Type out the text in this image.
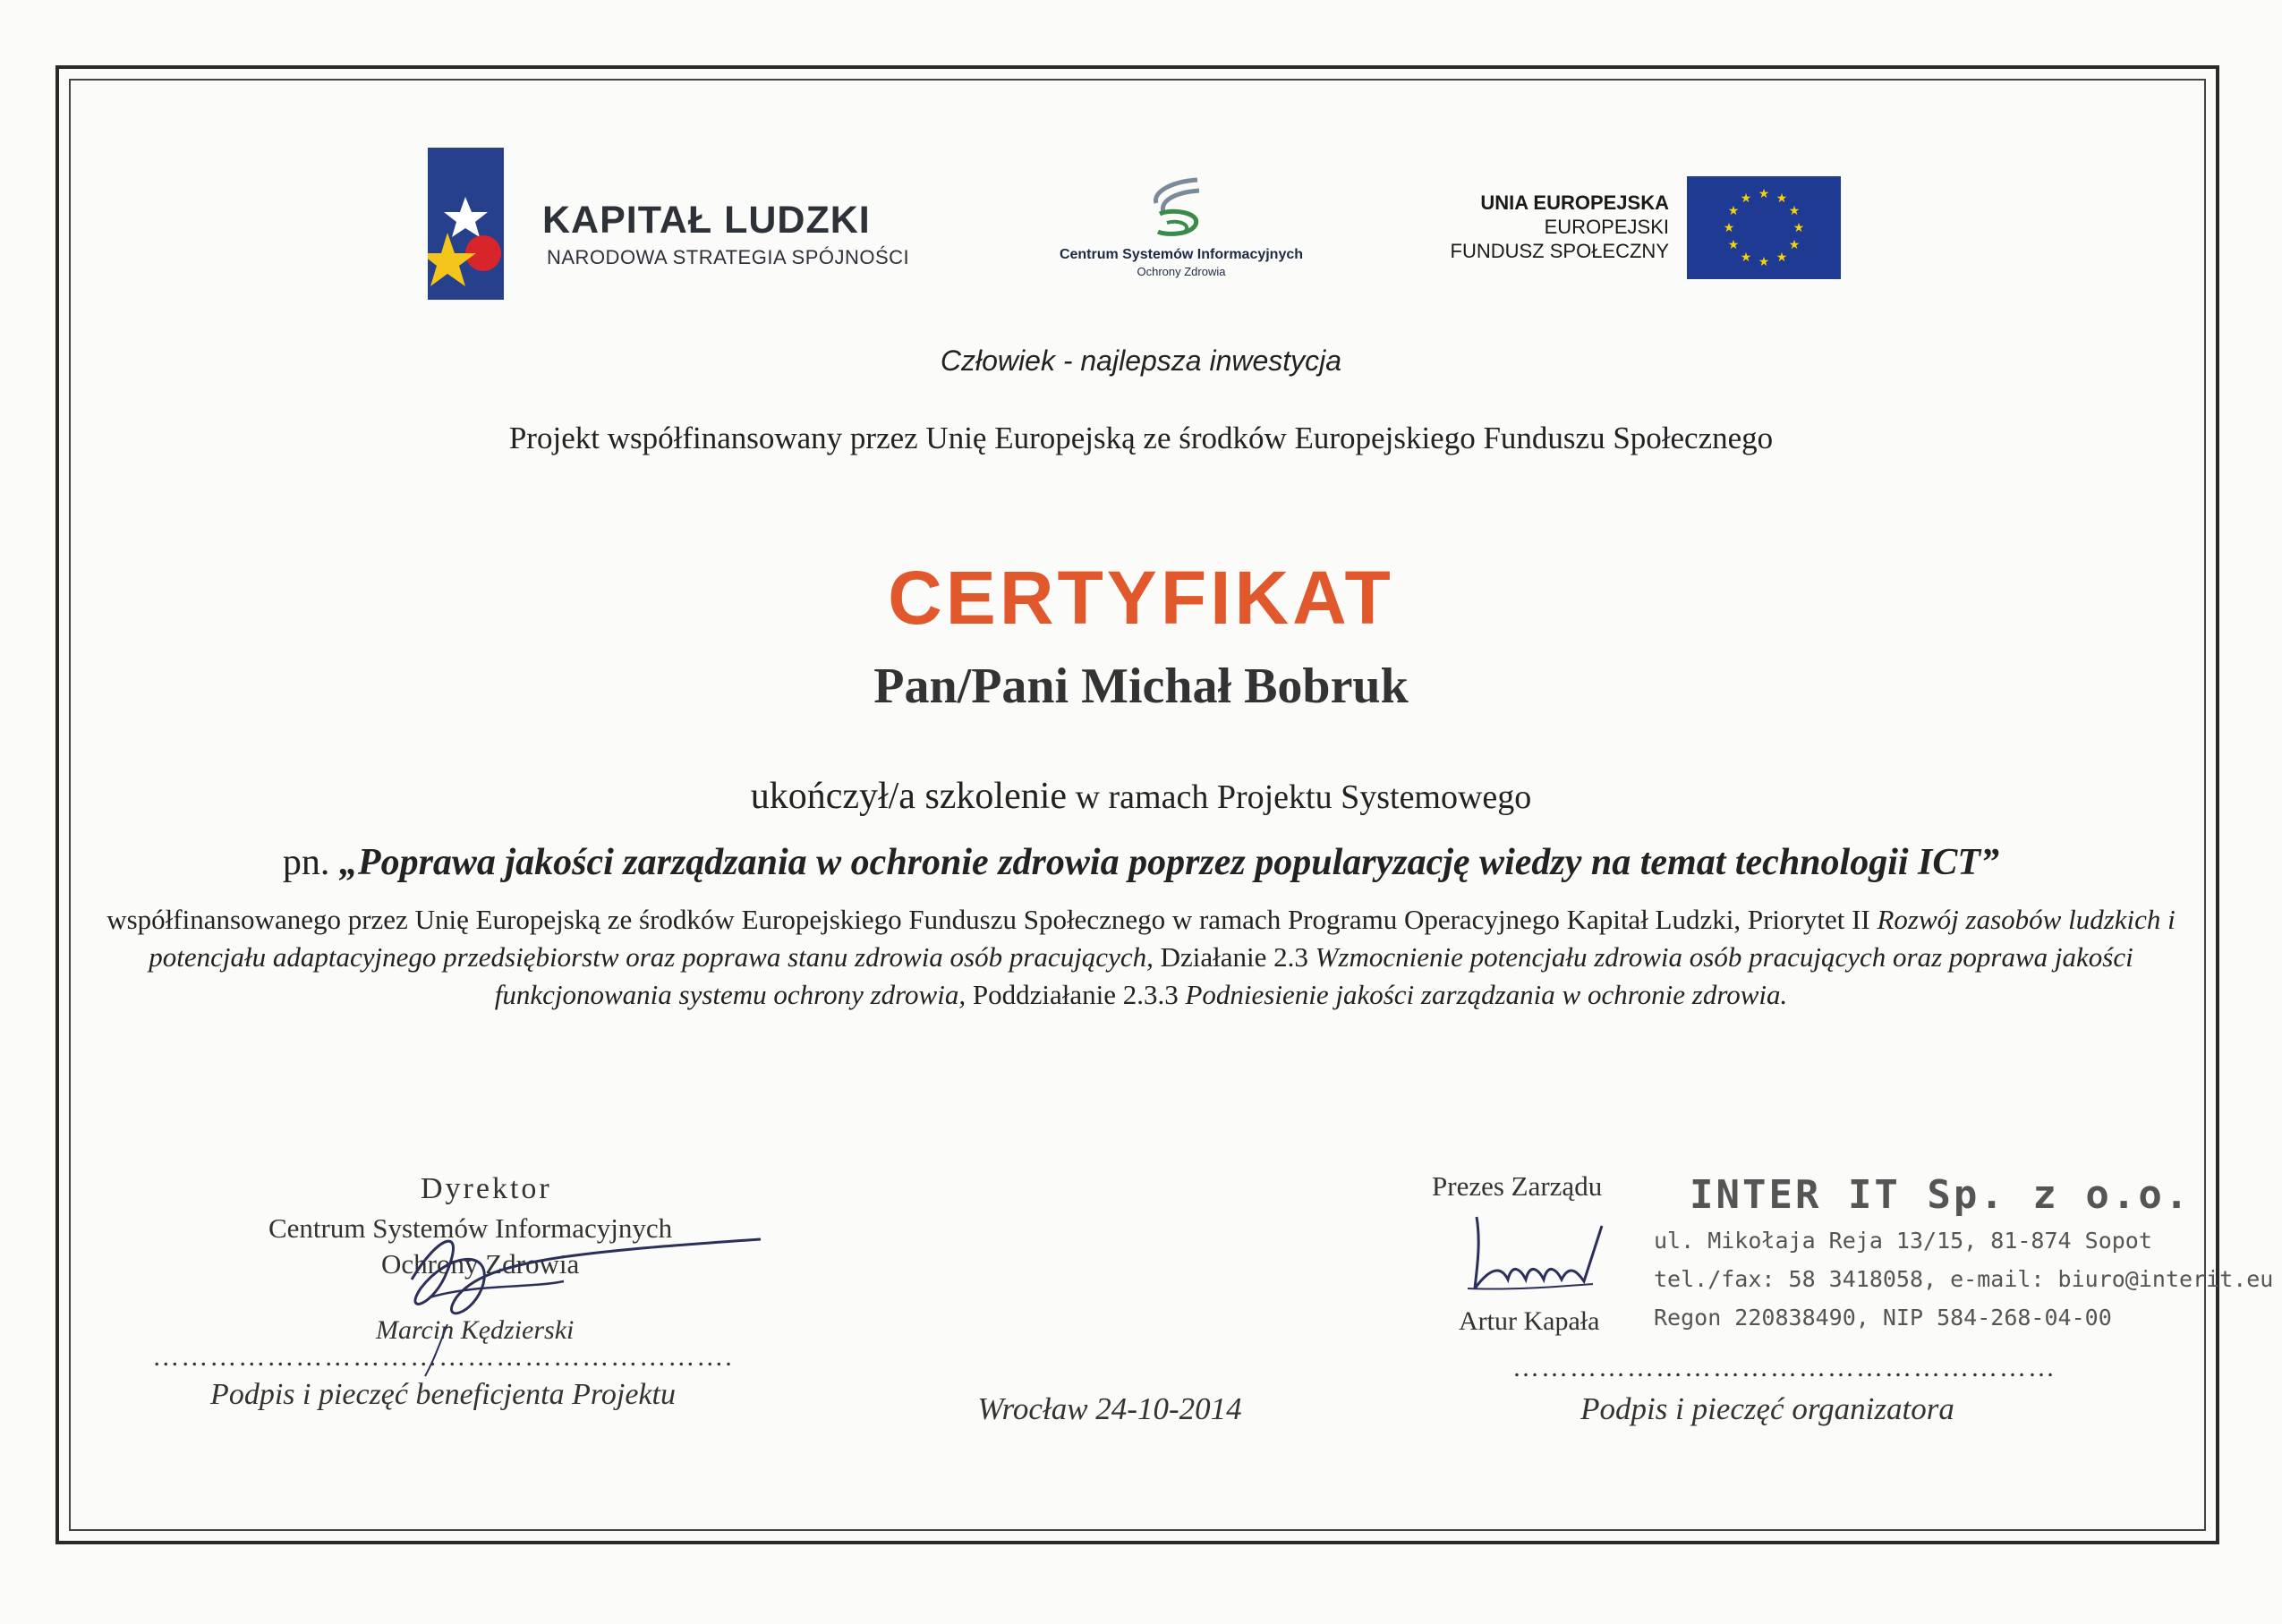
KAPITAŁ LUDZKI
NARODOWA STRATEGIA SPÓJNOŚCI	Centrum Systemów Informacyjnych
Ochrony Zdrowia
UNIA EUROPEJSKA
EUROPEJSKI
FUNDUSZ SPOŁECZNY
★ ★
★
★
★
★
★
★
★
★
★
★
Człowiek - najlepsza inwestycja
Projekt współfinansowany przez Unię Europejską ze środków Europejskiego Funduszu Społecznego
CERTYFIKAT
Pan/Pani Michał Bobruk
ukończył/a szkolenie w ramach Projektu Systemowego
pn. „Poprawa jakości zarządzania w ochronie zdrowia poprzez popularyzację wiedzy na temat technologii ICT”
współfinansowanego przez Unię Europejską ze środków Europejskiego Funduszu Społecznego w ramach Programu Operacyjnego Kapitał Ludzki, Priorytet II Rozwój zasobów ludzkich i potencjału adaptacyjnego przedsiębiorstw oraz poprawa stanu zdrowia osób pracujących, Działanie 2.3 Wzmocnienie potencjału zdrowia osób pracujących oraz poprawa jakości funkcjonowania systemu ochrony zdrowia, Poddziałanie 2.3.3 Podniesienie jakości zarządzania w ochronie zdrowia.
Dyrektor
Centrum Systemów Informacyjnych
Ochrony Zdrowia
Marcin Kędzierski
…………………………………………………….
Podpis i pieczęć beneficjenta Projektu	Wrocław 24-10-2014
Prezes Zarządu
Artur Kapała
INTER IT Sp. z o.o.
ul. Mikołaja Reja 13/15, 81-874 Sopot
tel./fax: 58 3418058, e-mail: biuro@interit.eu
Regon 220838490, NIP 584-268-04-00
…………………………………………………
Podpis i pieczęć organizatora
